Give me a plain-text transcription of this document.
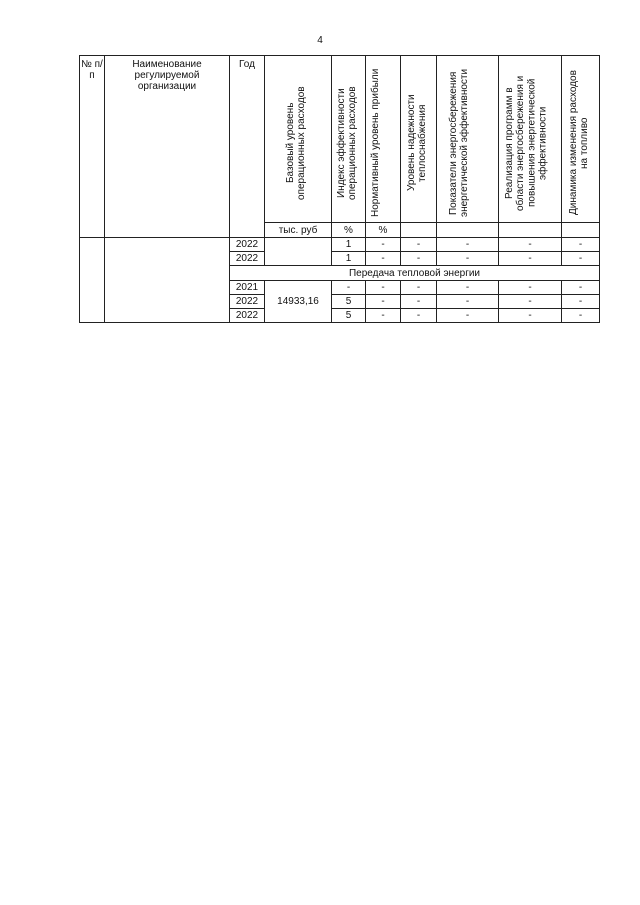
4
№ п/п	Наименование регулируемой организации	Год	Базовый уровень операционных расходов	Индекс эффективности операционных расходов	Нормативный уровень прибыли	Уровень надежности теплоснабжения	Показатели энергосбережения энергетической эффективности	Реализация программ в области энергосбережения и повышения энергетической эффективности	Динамика изменения расходов на топливо

			тыс. руб	%	%				
		2022		1	-	-	-	-	-
		2022		1	-	-	-	-	-
		Передача тепловой энергии							
		2021	14933,16	-	-	-	-	-	-
		2022		5	-	-	-	-	-
		2022		5	-	-	-	-	-
